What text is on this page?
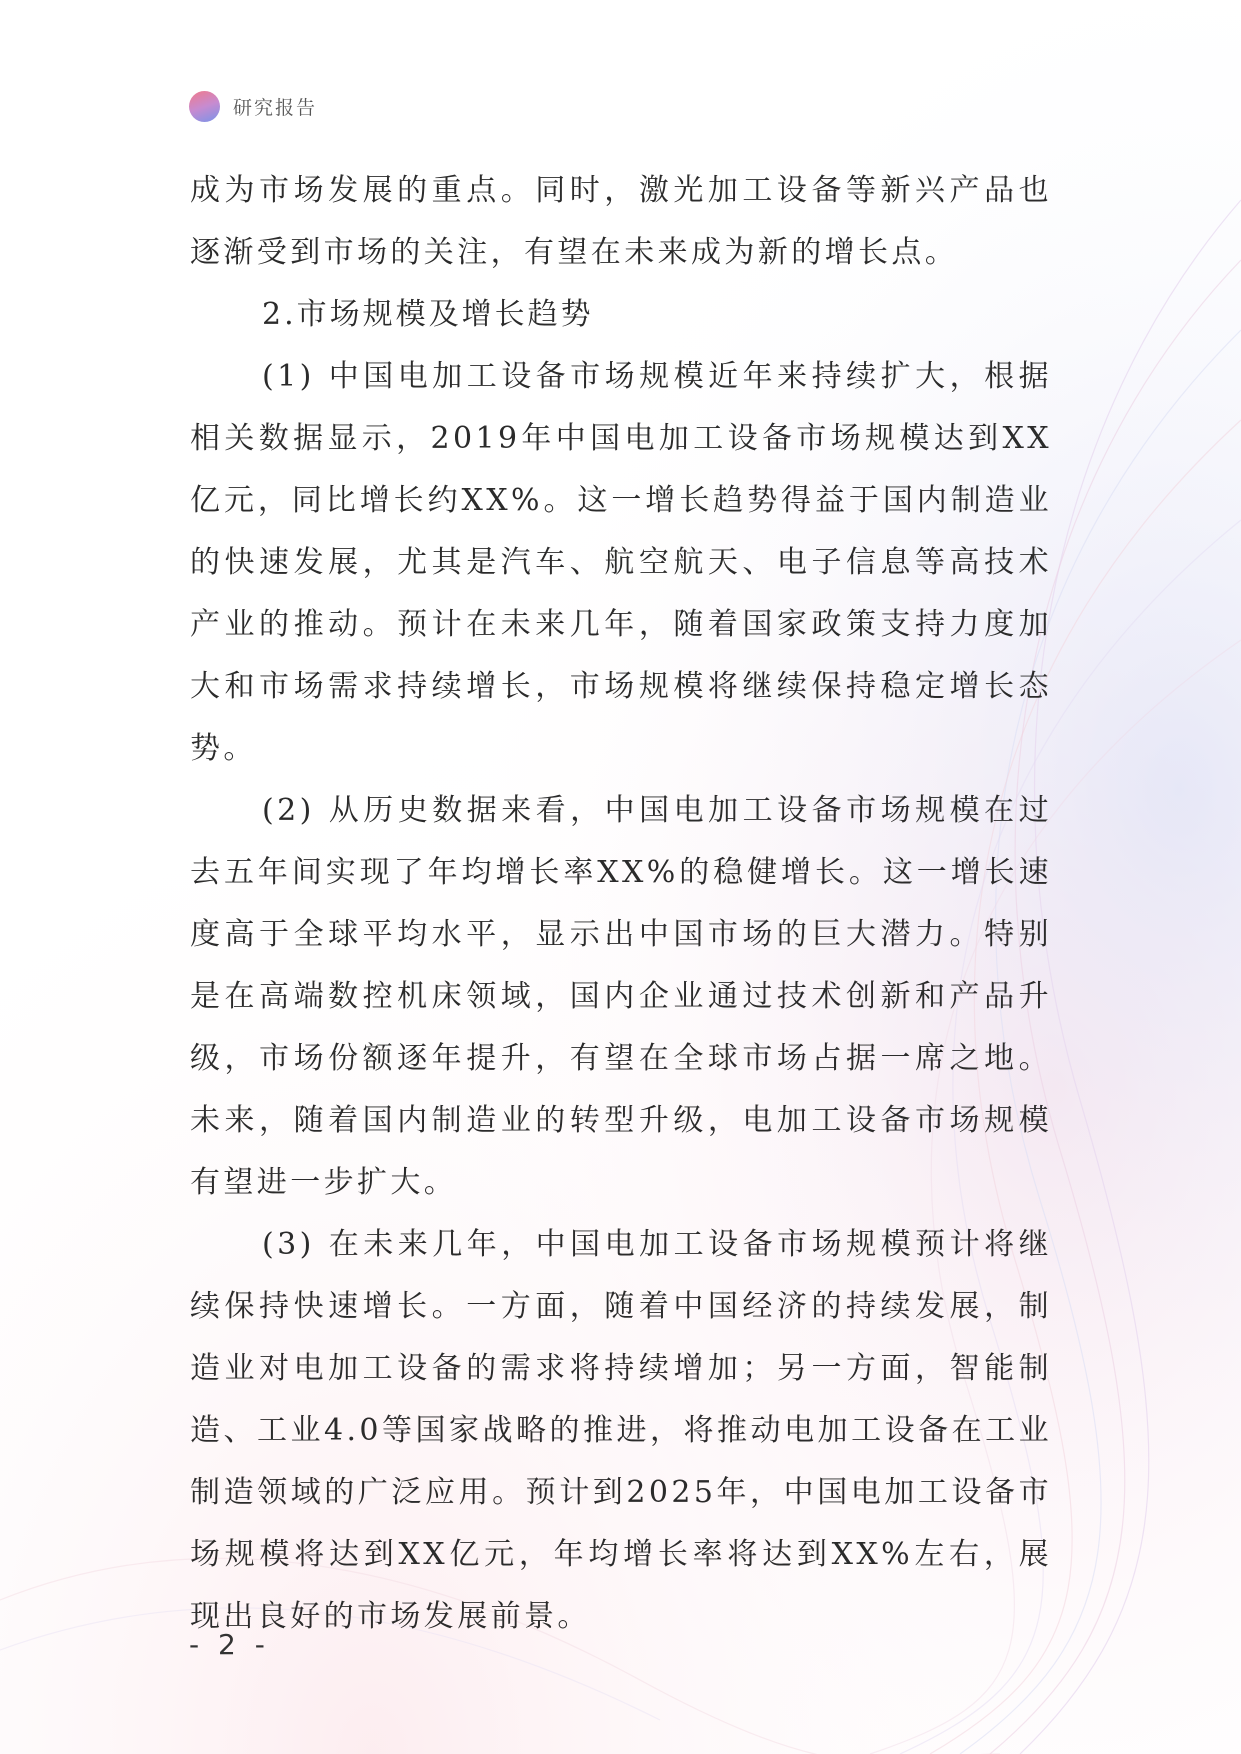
研究报告

成为市场发展的重点。同时，激光加工设备等新兴产品也逐渐受到市场的关注，有望在未来成为新的增长点。

2.市场规模及增长趋势

(1) 中国电加工设备市场规模近年来持续扩大，根据相关数据显示，2019年中国电加工设备市场规模达到XX亿元，同比增长约XX%。这一增长趋势得益于国内制造业的快速发展，尤其是汽车、航空航天、电子信息等高技术产业的推动。预计在未来几年，随着国家政策支持力度加大和市场需求持续增长，市场规模将继续保持稳定增长态势。

(2) 从历史数据来看，中国电加工设备市场规模在过去五年间实现了年均增长率XX%的稳健增长。这一增长速度高于全球平均水平，显示出中国市场的巨大潜力。特别是在高端数控机床领域，国内企业通过技术创新和产品升级，市场份额逐年提升，有望在全球市场占据一席之地。未来，随着国内制造业的转型升级，电加工设备市场规模有望进一步扩大。

(3) 在未来几年，中国电加工设备市场规模预计将继续保持快速增长。一方面，随着中国经济的持续发展，制造业对电加工设备的需求将持续增加；另一方面，智能制造、工业4.0等国家战略的推进，将推动电加工设备在工业制造领域的广泛应用。预计到2025年，中国电加工设备市场规模将达到XX亿元，年均增长率将达到XX%左右，展现出良好的市场发展前景。

- 2 -
